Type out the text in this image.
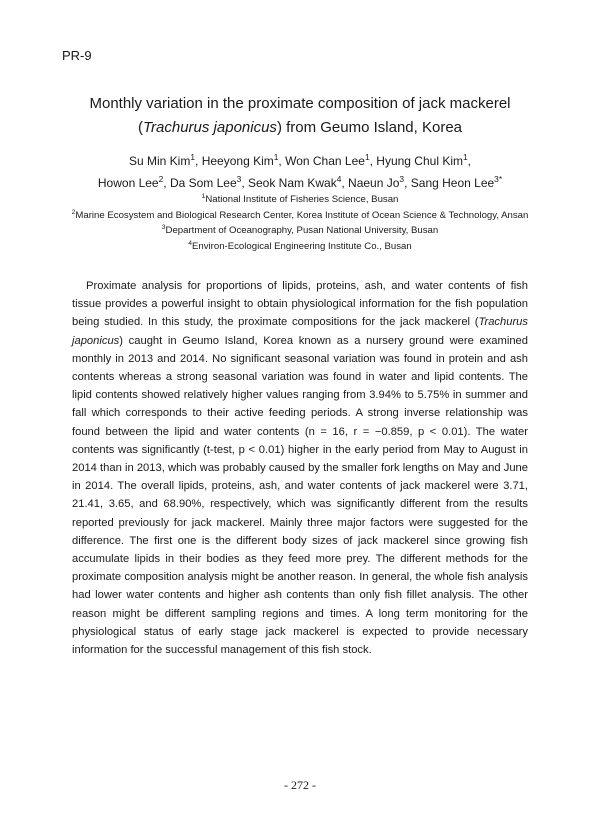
PR-9
Monthly variation in the proximate composition of jack mackerel (Trachurus japonicus) from Geumo Island, Korea
Su Min Kim$^1$, Heeyong Kim$^1$, Won Chan Lee$^1$, Hyung Chul Kim$^1$,
Howon Lee$^2$, Da Som Lee$^3$, Seok Nam Kwak$^4$, Naeun Jo$^3$, Sang Heon Lee$^{3*}$
$^1$National Institute of Fisheries Science, Busan
$^2$Marine Ecosystem and Biological Research Center, Korea Institute of Ocean Science & Technology, Ansan
$^3$Department of Oceanography, Pusan National University, Busan
$^4$Environ-Ecological Engineering Institute Co., Busan

Proximate analysis for proportions of lipids, proteins, ash, and water contents of fish tissue provides a powerful insight to obtain physiological information for the fish population being studied. In this study, the proximate compositions for the jack mackerel (Trachurus japonicus) caught in Geumo Island, Korea known as a nursery ground were examined monthly in 2013 and 2014. No significant seasonal variation was found in protein and ash contents whereas a strong seasonal variation was found in water and lipid contents. The lipid contents showed relatively higher values ranging from 3.94% to 5.75% in summer and fall which corresponds to their active feeding periods. A strong inverse relationship was found between the lipid and water contents (n = 16, r = −0.859, p < 0.01). The water contents was significantly (t-test, p < 0.01) higher in the early period from May to August in 2014 than in 2013, which was probably caused by the smaller fork lengths on May and June in 2014. The overall lipids, proteins, ash, and water contents of jack mackerel were 3.71, 21.41, 3.65, and 68.90%, respectively, which was significantly different from the results reported previously for jack mackerel. Mainly three major factors were suggested for the difference. The first one is the different body sizes of jack mackerel since growing fish accumulate lipids in their bodies as they feed more prey. The different methods for the proximate composition analysis might be another reason. In general, the whole fish analysis had lower water contents and higher ash contents than only fish fillet analysis. The other reason might be different sampling regions and times. A long term monitoring for the physiological status of early stage jack mackerel is expected to provide necessary information for the successful management of this fish stock.

- 272 -
